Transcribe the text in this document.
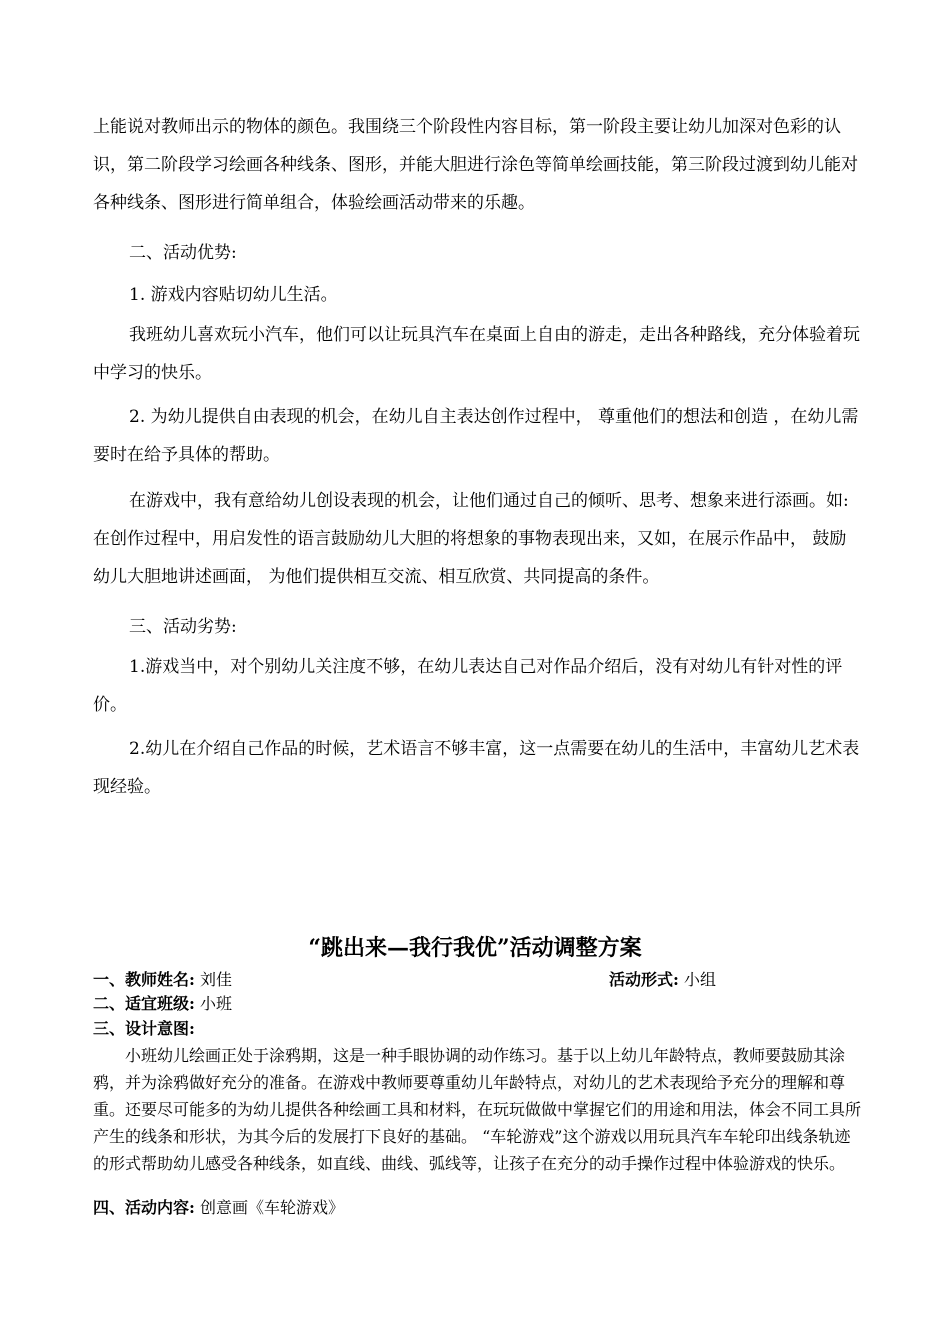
上能说对教师出示的物体的颜色。我围绕三个阶段性内容目标，第一阶段主要让幼儿加深对色彩的认识，第二阶段学习绘画各种线条、图形，并能大胆进行涂色等简单绘画技能，第三阶段过渡到幼儿能对各种线条、图形进行简单组合，体验绘画活动带来的乐趣。

二、活动优势:

1. 游戏内容贴切幼儿生活。

我班幼儿喜欢玩小汽车，他们可以让玩具汽车在桌面上自由的游走，走出各种路线，充分体验着玩中学习的快乐。

2. 为幼儿提供自由表现的机会，在幼儿自主表达创作过程中， 尊重他们的想法和创造 ，在幼儿需要时在给予具体的帮助。

在游戏中，我有意给幼儿创设表现的机会，让他们通过自己的倾听、思考、想象来进行添画。如: 在创作过程中，用启发性的语言鼓励幼儿大胆的将想象的事物表现出来，又如，在展示作品中， 鼓励幼儿大胆地讲述画面， 为他们提供相互交流、相互欣赏、共同提高的条件。

三、活动劣势:

1.游戏当中，对个别幼儿关注度不够，在幼儿表达自己对作品介绍后，没有对幼儿有针对性的评价。

2.幼儿在介绍自己作品的时候，艺术语言不够丰富，这一点需要在幼儿的生活中，丰富幼儿艺术表现经验。

“跳出来—我行我优”活动调整方案

一、教师姓名: 刘佳	活动形式: 小组

二、适宜班级: 小班

三、设计意图:

小班幼儿绘画正处于涂鸦期，这是一种手眼协调的动作练习。基于以上幼儿年龄特点，教师要鼓励其涂鸦，并为涂鸦做好充分的准备。在游戏中教师要尊重幼儿年龄特点，对幼儿的艺术表现给予充分的理解和尊重。还要尽可能多的为幼儿提供各种绘画工具和材料，在玩玩做做中掌握它们的用途和用法，体会不同工具所产生的线条和形状，为其今后的发展打下良好的基础。 “车轮游戏”这个游戏以用玩具汽车车轮印出线条轨迹的形式帮助幼儿感受各种线条，如直线、曲线、弧线等，让孩子在充分的动手操作过程中体验游戏的快乐。

四、活动内容: 创意画《车轮游戏》
